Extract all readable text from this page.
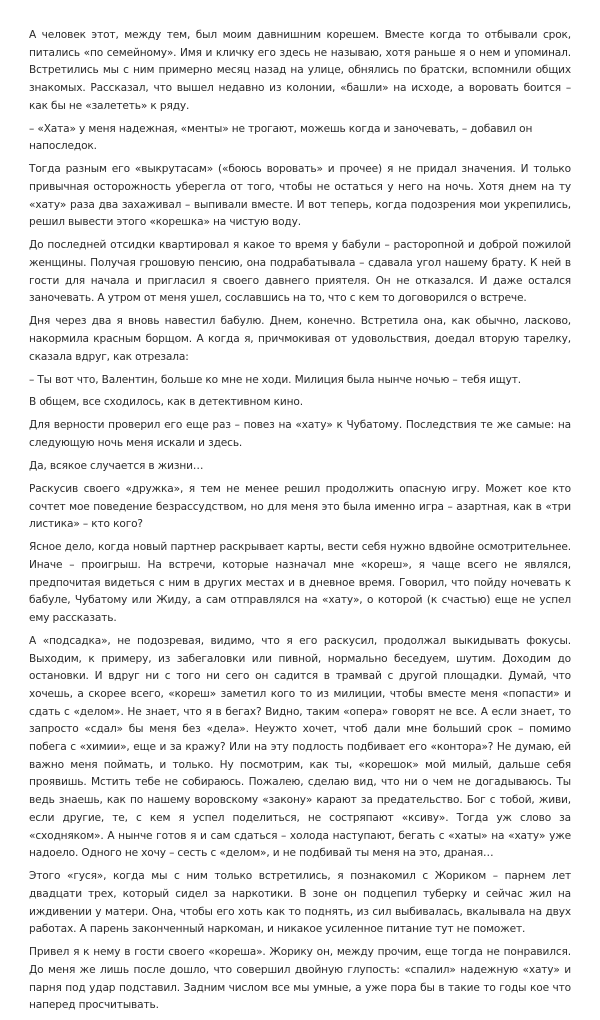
А человек этот, между тем, был моим давнишним корешем. Вместе когда то отбывали срок, питались «по семейному». Имя и кличку его здесь не называю, хотя раньше я о нем и упоминал. Встретились мы с ним примерно месяц назад на улице, обнялись по братски, вспомнили общих знакомых. Рассказал, что вышел недавно из колонии, «башли» на исходе, а воровать боится – как бы не «залететь» к ряду.

– «Хата» у меня надежная, «менты» не трогают, можешь когда и заночевать, – добавил он напоследок.

Тогда разным его «выкрутасам» («боюсь воровать» и прочее) я не придал значения. И только привычная осторожность уберегла от того, чтобы не остаться у него на ночь. Хотя днем на ту «хату» раза два захаживал – выпивали вместе. И вот теперь, когда подозрения мои укрепились, решил вывести этого «корешка» на чистую воду.

До последней отсидки квартировал я какое то время у бабули – расторопной и доброй пожилой женщины. Получая грошовую пенсию, она подрабатывала – сдавала угол нашему брату. К ней в гости для начала и пригласил я своего давнего приятеля. Он не отказался. И даже остался заночевать. А утром от меня ушел, сославшись на то, что с кем то договорился о встрече.

Дня через два я вновь навестил бабулю. Днем, конечно. Встретила она, как обычно, ласково, накормила красным борщом. А когда я, причмокивая от удовольствия, доедал вторую тарелку, сказала вдруг, как отрезала:

– Ты вот что, Валентин, больше ко мне не ходи. Милиция была нынче ночью – тебя ищут.

В общем, все сходилось, как в детективном кино.

Для верности проверил его еще раз – повез на «хату» к Чубатому. Последствия те же самые: на следующую ночь меня искали и здесь.

Да, всякое случается в жизни…

Раскусив своего «дружка», я тем не менее решил продолжить опасную игру. Может кое кто сочтет мое поведение безрассудством, но для меня это была именно игра – азартная, как в «три листика» – кто кого?

Ясное дело, когда новый партнер раскрывает карты, вести себя нужно вдвойне осмотрительнее. Иначе – проигрыш. На встречи, которые назначал мне «кореш», я чаще всего не являлся, предпочитая видеться с ним в других местах и в дневное время. Говорил, что пойду ночевать к бабуле, Чубатому или Жиду, а сам отправлялся на «хату», о которой (к счастью) еще не успел ему рассказать.

А «подсадка», не подозревая, видимо, что я его раскусил, продолжал выкидывать фокусы. Выходим, к примеру, из забегаловки или пивной, нормально беседуем, шутим. Доходим до остановки. И вдруг ни с того ни сего он садится в трамвай с другой площадки. Думай, что хочешь, а скорее всего, «кореш» заметил кого то из милиции, чтобы вместе меня «попасти» и сдать с «делом». Не знает, что я в бегах? Видно, таким «опера» говорят не все. А если знает, то запросто «сдал» бы меня без «дела». Неужто хочет, чтоб дали мне больший срок – помимо побега с «химии», еще и за кражу? Или на эту подлость подбивает его «контора»? Не думаю, ей важно меня поймать, и только. Ну посмотрим, как ты, «корешок» мой милый, дальше себя проявишь. Мстить тебе не собираюсь. Пожалею, сделаю вид, что ни о чем не догадываюсь. Ты ведь знаешь, как по нашему воровскому «закону» карают за предательство. Бог с тобой, живи, если другие, те, с кем я успел поделиться, не состряпают «ксиву». Тогда уж слово за «сходняком». А нынче готов я и сам сдаться – холода наступают, бегать с «хаты» на «хату» уже надоело. Одного не хочу – сесть с «делом», и не подбивай ты меня на это, драная…

Этого «гуся», когда мы с ним только встретились, я познакомил с Жориком – парнем лет двадцати трех, который сидел за наркотики. В зоне он подцепил туберку и сейчас жил на иждивении у матери. Она, чтобы его хоть как то поднять, из сил выбивалась, вкалывала на двух работах. А парень законченный наркоман, и никакое усиленное питание тут не поможет.

Привел я к нему в гости своего «кореша». Жорику он, между прочим, еще тогда не понравился. До меня же лишь после дошло, что совершил двойную глупость: «спалил» надежную «хату» и парня под удар подставил. Задним числом все мы умные, а уже пора бы в такие то годы кое что наперед просчитывать.
